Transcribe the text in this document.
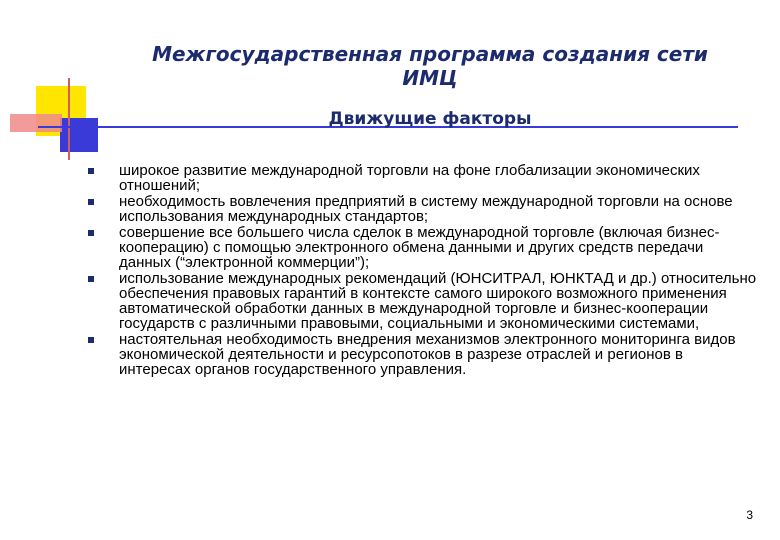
Межгосударственная программа создания сети
ИМЦ
Движущие факторы
широкое развитие международной торговли на фоне глобализации экономических отношений;
необходимость вовлечения предприятий в систему международной торговли на основе использования международных стандартов;
совершение все большего числа сделок в международной торговле (включая бизнес-кооперацию) с помощью электронного обмена данными и других средств передачи данных (“электронной коммерции”);
использование международных рекомендаций (ЮНСИТРАЛ, ЮНКТАД и др.) относительно обеспечения правовых гарантий в контексте самого широкого возможного применения автоматической обработки данных в международной торговле и бизнес-кооперации государств с различными правовыми, социальными и экономическими системами,
настоятельная необходимость внедрения механизмов электронного мониторинга видов экономической деятельности и ресурсопотоков в разрезе отраслей и регионов в интересах органов государственного управления.
3
